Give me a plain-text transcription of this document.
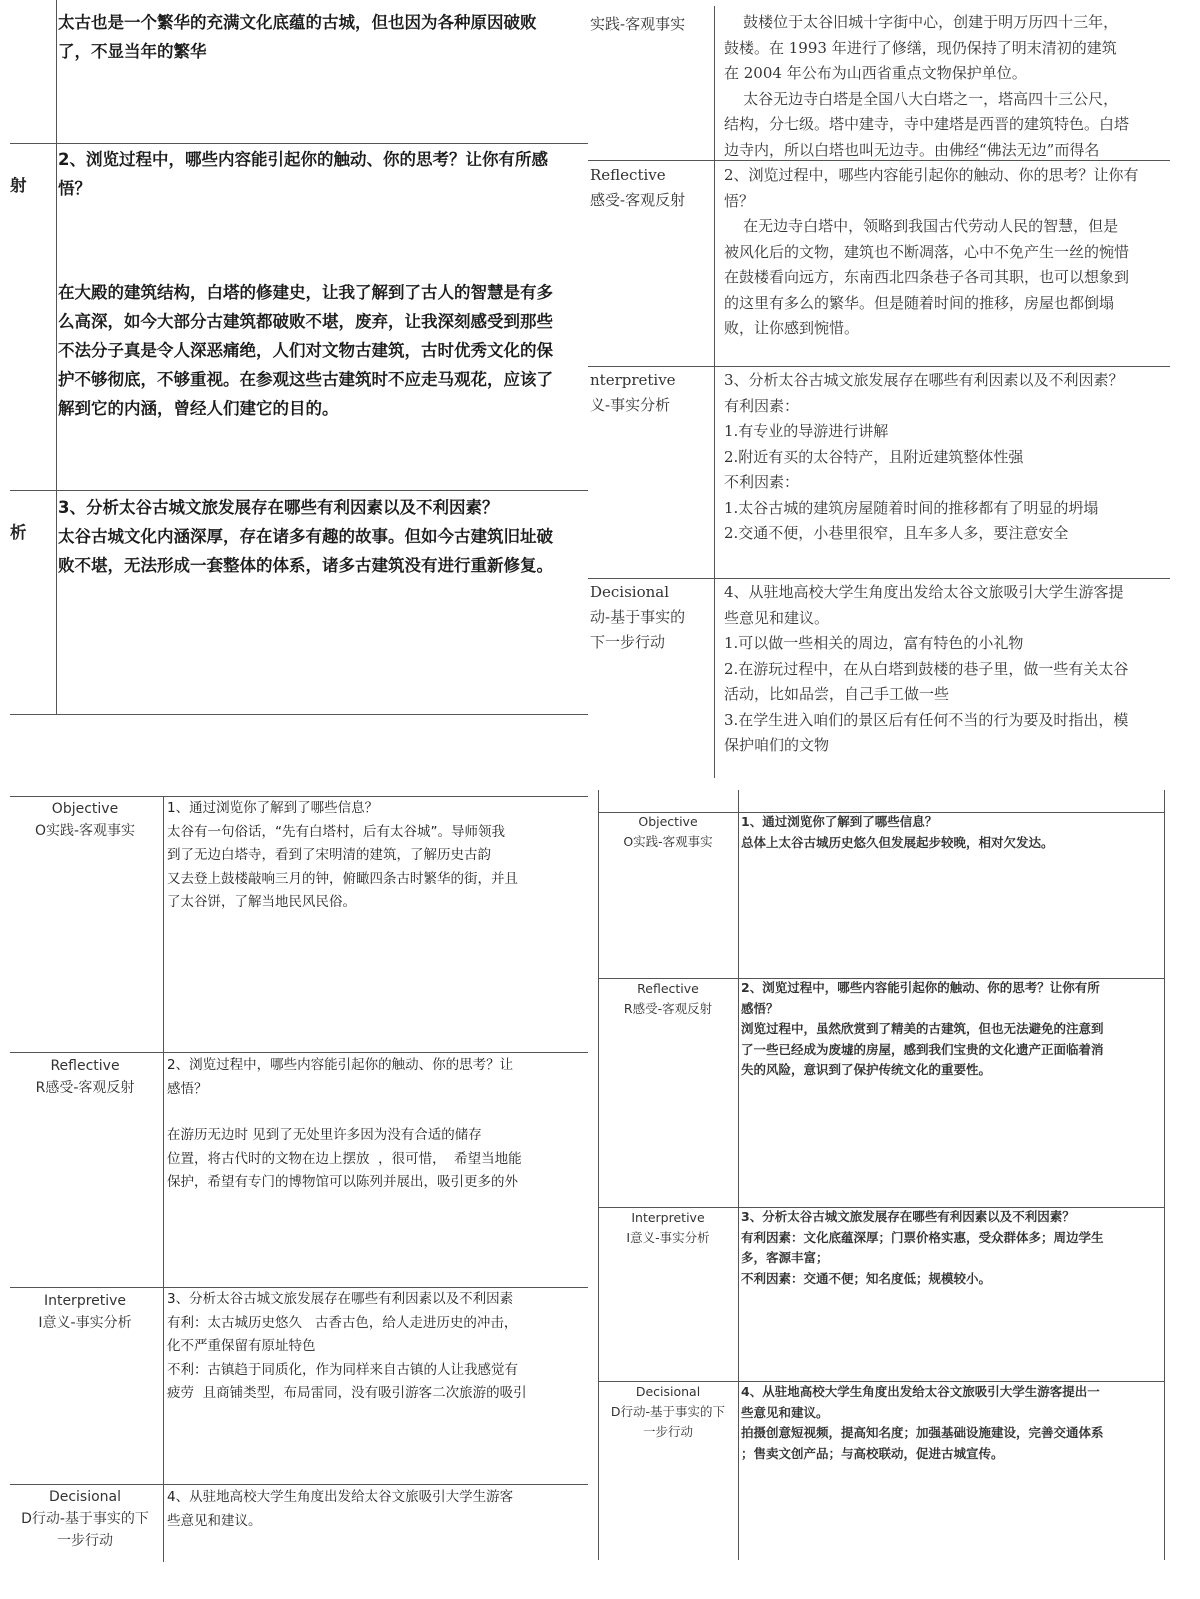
太古也是一个繁华的充满文化底蕴的古城，但也因为各种原因破败
了，不显当年的繁华
射
2、浏览过程中，哪些内容能引起你的触动、你的思考？让你有所感
悟？
在大殿的建筑结构，白塔的修建史，让我了解到了古人的智慧是有多
么高深，如今大部分古建筑都破败不堪，废弃，让我深刻感受到那些
不法分子真是令人深恶痛绝，人们对文物古建筑，古时优秀文化的保
护不够彻底，不够重视。在参观这些古建筑时不应走马观花，应该了
解到它的内涵，曾经人们建它的目的。
析
3、分析太谷古城文旅发展存在哪些有利因素以及不利因素？
太谷古城文化内涵深厚，存在诸多有趣的故事。但如今古建筑旧址破
败不堪，无法形成一套整体的体系，诸多古建筑没有进行重新修复。
实践-客观事实	鼓楼位于太谷旧城十字街中心，创建于明万历四十三年，
鼓楼。在 1993 年进行了修缮，现仍保持了明末清初的建筑
在 2004 年公布为山西省重点文物保护单位。
太谷无边寺白塔是全国八大白塔之一，塔高四十三公尺，
结构，分七级。塔中建寺，寺中建塔是西晋的建筑特色。白塔
边寺内，所以白塔也叫无边寺。由佛经“佛法无边”而得名
Reflective
感受-客观反射
2、浏览过程中，哪些内容能引起你的触动、你的思考？让你有
悟？
在无边寺白塔中，领略到我国古代劳动人民的智慧，但是
被风化后的文物，建筑也不断凋落，心中不免产生一丝的惋惜
在鼓楼看向远方，东南西北四条巷子各司其职，也可以想象到
的这里有多么的繁华。但是随着时间的推移，房屋也都倒塌
败，让你感到惋惜。
nterpretive
义-事实分析
3、分析太谷古城文旅发展存在哪些有利因素以及不利因素？
有利因素：
1.有专业的导游进行讲解
2.附近有买的太谷特产，且附近建筑整体性强
不利因素：
1.太谷古城的建筑房屋随着时间的推移都有了明显的坍塌
2.交通不便，小巷里很窄，且车多人多，要注意安全
Decisional
动-基于事实的
下一步行动
4、从驻地高校大学生角度出发给太谷文旅吸引大学生游客提
些意见和建议。
1.可以做一些相关的周边，富有特色的小礼物
2.在游玩过程中，在从白塔到鼓楼的巷子里，做一些有关太谷
活动，比如品尝，自己手工做一些
3.在学生进入咱们的景区后有任何不当的行为要及时指出，模
保护咱们的文物
Objective
O实践-客观事实
1、通过浏览你了解到了哪些信息？
太谷有一句俗话，“先有白塔村，后有太谷城”。导师领我
到了无边白塔寺，看到了宋明清的建筑，了解历史古韵
又去登上鼓楼敲响三月的钟，俯瞰四条古时繁华的街，并且
了太谷饼，了解当地民风民俗。
Reflective
R感受-客观反射
2、浏览过程中，哪些内容能引起你的触动、你的思考？让
感悟？
在游历无边时 见到了无处里许多因为没有合适的储存
位置，将古代时的文物在边上摆放  ，很可惜，  希望当地能
保护，希望有专门的博物馆可以陈列并展出，吸引更多的外
Interpretive
I意义-事实分析
3、分析太谷古城文旅发展存在哪些有利因素以及不利因素
有利：太古城历史悠久   古香古色，给人走进历史的冲击，
化不严重保留有原址特色
不利：古镇趋于同质化，作为同样来自古镇的人让我感觉有
疲劳  且商铺类型，布局雷同，没有吸引游客二次旅游的吸引
Decisional
D行动-基于事实的下
一步行动
4、从驻地高校大学生角度出发给太谷文旅吸引大学生游客
些意见和建议。
Objective
O实践-客观事实
1、通过浏览你了解到了哪些信息？
总体上太谷古城历史悠久但发展起步较晚，相对欠发达。
Reflective
R感受-客观反射
2、浏览过程中，哪些内容能引起你的触动、你的思考？让你有所
感悟？
浏览过程中，虽然欣赏到了精美的古建筑，但也无法避免的注意到
了一些已经成为废墟的房屋，感到我们宝贵的文化遗产正面临着消
失的风险，意识到了保护传统文化的重要性。
Interpretive
I意义-事实分析
3、分析太谷古城文旅发展存在哪些有利因素以及不利因素？
有利因素：文化底蕴深厚；门票价格实惠，受众群体多；周边学生
多，客源丰富；
不利因素：交通不便；知名度低；规模较小。
Decisional
D行动-基于事实的下
一步行动
4、从驻地高校大学生角度出发给太谷文旅吸引大学生游客提出一
些意见和建议。
拍摄创意短视频，提高知名度；加强基础设施建设，完善交通体系
；售卖文创产品；与高校联动，促进古城宣传。
